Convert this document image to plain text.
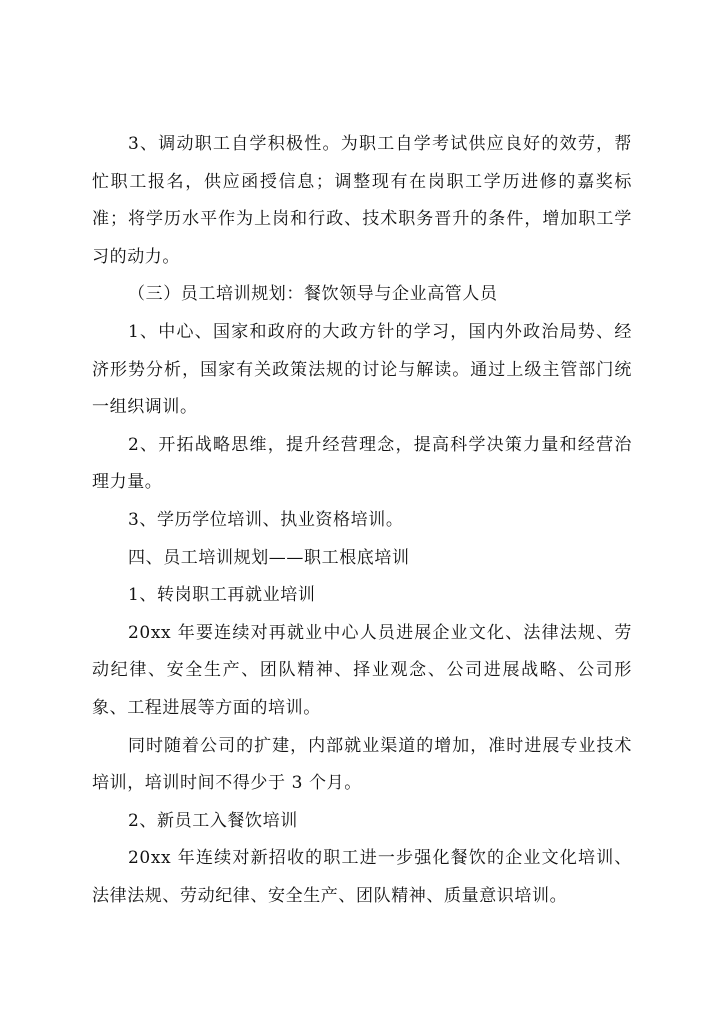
3、调动职工自学积极性。为职工自学考试供应良好的效劳，帮忙职工报名，供应函授信息；调整现有在岗职工学历进修的嘉奖标准；将学历水平作为上岗和行政、技术职务晋升的条件，增加职工学习的动力。

（三）员工培训规划：餐饮领导与企业高管人员

1、中心、国家和政府的大政方针的学习，国内外政治局势、经济形势分析，国家有关政策法规的讨论与解读。通过上级主管部门统一组织调训。

2、开拓战略思维，提升经营理念，提高科学决策力量和经营治理力量。

3、学历学位培训、执业资格培训。

四、员工培训规划——职工根底培训

1、转岗职工再就业培训

20xx 年要连续对再就业中心人员进展企业文化、法律法规、劳动纪律、安全生产、团队精神、择业观念、公司进展战略、公司形象、工程进展等方面的培训。

同时随着公司的扩建，内部就业渠道的增加，准时进展专业技术培训，培训时间不得少于 3 个月。

2、新员工入餐饮培训

20xx 年连续对新招收的职工进一步强化餐饮的企业文化培训、法律法规、劳动纪律、安全生产、团队精神、质量意识培训。
